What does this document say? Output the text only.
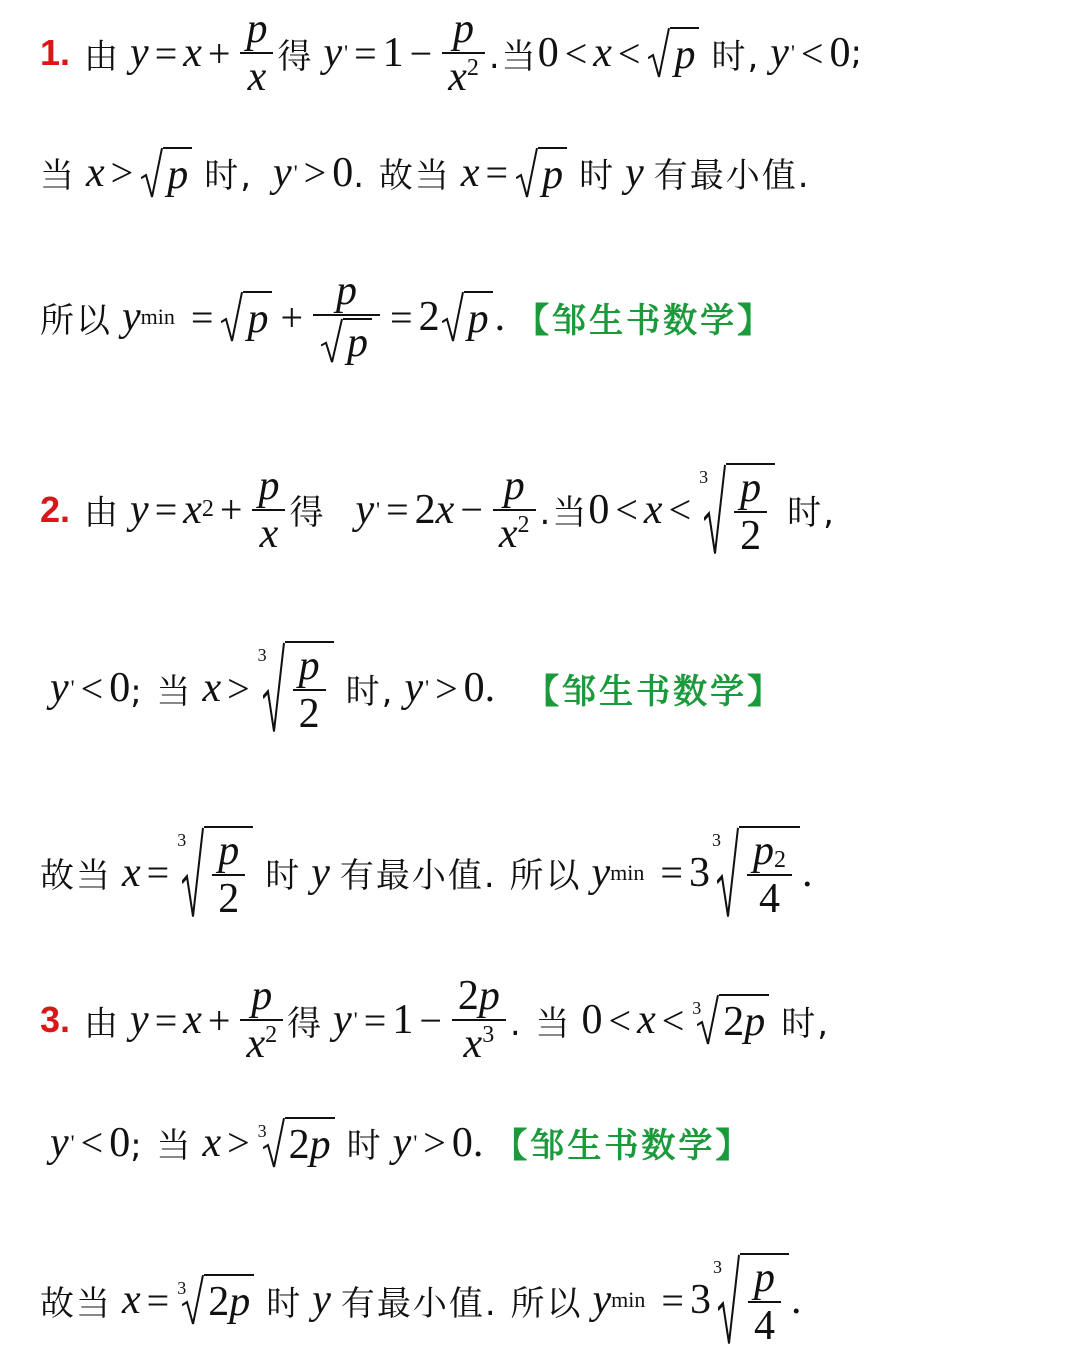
1. 由 $y = x + \frac{p}{x}$ 得 y ' = $1 - \frac{p}{x^2}$ .当 0 < x < p 时, y ' < 0 ;
当 x > p 时, y ' > 0 . 故当 x = p 时 y 有最小值.
所以 y $\min = p + \frac{p}{p} = 2$ p . 【邹生书数学】
2. 由 y = x $2 + \frac{p}{x}$ 得 y ' = 2 $x - \frac{p}{x^2}$ .当 0 < x <
$3 \frac{p}{2}$ 时,
y ' < 0 ; 当 x >
$3 \frac{p}{2}$ 时, y ' > 0 . 【邹生书数学】
故当 x =
$3 \frac{p}{2}$ 时 y 有最小值. 所以 y min = 3
$3 \frac{p_2}{4}$ .
3. 由 $y = x + \frac{p}{x^2}$ 得 y ' = $1 - \frac{2 p}{x^3}$ . 当 0 < x < 3 2 p 时,
y ' < 0 ; 当 x > 3 2 p 时 y ' > 0 . 【邹生书数学】
故当 x = 3 2 p 时 y 有最小值. 所以 y min = 3
$3 \frac{p}{4}$ .
